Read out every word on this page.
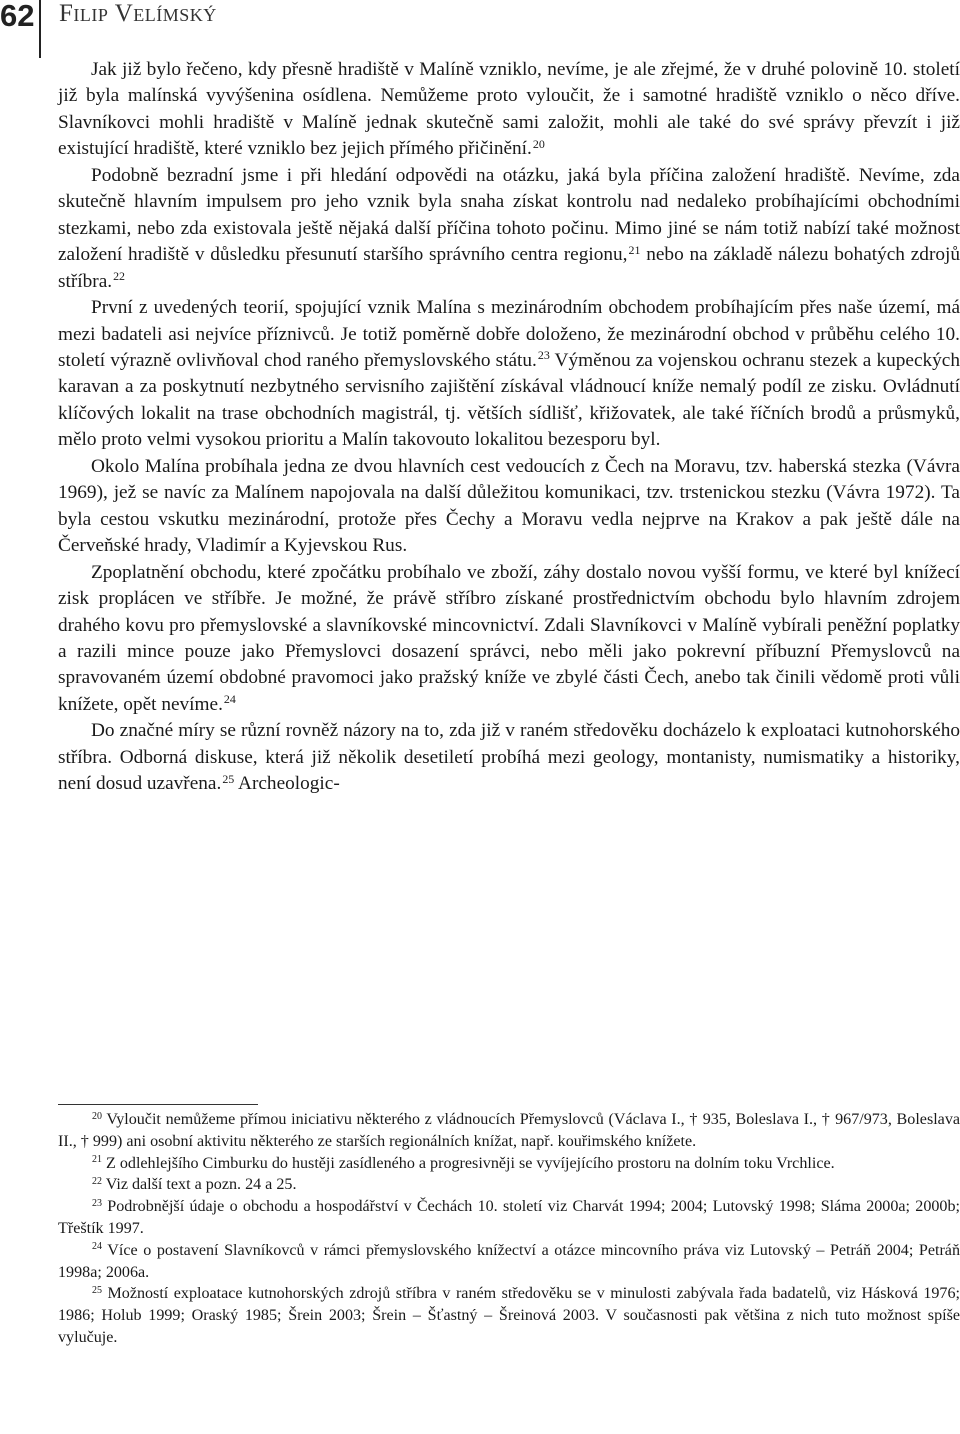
62 Filip Velímský

Jak již bylo řečeno, kdy přesně hradiště v Malíně vzniklo, nevíme, je ale zřejmé, že v druhé polovině 10. století již byla malínská vyvýšenina osídlena. Nemůžeme proto vyloučit, že i samotné hradiště vzniklo o něco dříve. Slavníkovci mohli hradiště v Malíně jednak skutečně sami založit, mohli ale také do své správy převzít i již existující hradiště, které vzniklo bez jejich přímého přičinění.$^{20}$

Podobně bezradní jsme i při hledání odpovědi na otázku, jaká byla příčina založení hradiště. Nevíme, zda skutečně hlavním impulsem pro jeho vznik byla snaha získat kontrolu nad nedaleko probíhajícími obchodními stezkami, nebo zda existovala ještě nějaká další příčina tohoto počinu. Mimo jiné se nám totiž nabízí také možnost založení hradiště v důsledku přesunutí staršího správního centra regionu,$^{21}$ nebo na základě nálezu bohatých zdrojů stříbra.$^{22}$

První z uvedených teorií, spojující vznik Malína s mezinárodním obchodem probíhajícím přes naše území, má mezi badateli asi nejvíce příznivců. Je totiž poměrně dobře doloženo, že mezinárodní obchod v průběhu celého 10. století výrazně ovlivňoval chod raného přemyslovského státu.$^{23}$ Výměnou za vojenskou ochranu stezek a kupeckých karavan a za poskytnutí nezbytného servisního zajištění získával vládnoucí kníže nemalý podíl ze zisku. Ovládnutí klíčových lokalit na trase obchodních magistrál, tj. větších sídlišť, křižovatek, ale také říčních brodů a průsmyků, mělo proto velmi vysokou prioritu a Malín takovouto lokalitou bezesporu byl.

Okolo Malína probíhala jedna ze dvou hlavních cest vedoucích z Čech na Moravu, tzv. haberská stezka (Vávra 1969), jež se navíc za Malínem napojovala na další důležitou komunikaci, tzv. trstenickou stezku (Vávra 1972). Ta byla cestou vskutku mezinárodní, protože přes Čechy a Moravu vedla nejprve na Krakov a pak ještě dále na Červeňské hrady, Vladimír a Kyjevskou Rus.

Zpoplatnění obchodu, které zpočátku probíhalo ve zboží, záhy dostalo novou vyšší formu, ve které byl knížecí zisk proplácen ve stříbře. Je možné, že právě stříbro získané prostřednictvím obchodu bylo hlavním zdrojem drahého kovu pro přemyslovské a slavníkovské mincovnictví. Zdali Slavníkovci v Malíně vybírali peněžní poplatky a razili mince pouze jako Přemyslovci dosazení správci, nebo měli jako pokrevní příbuzní Přemyslovců na spravovaném území obdobné pravomoci jako pražský kníže ve zbylé části Čech, anebo tak činili vědomě proti vůli knížete, opět nevíme.$^{24}$

Do značné míry se různí rovněž názory na to, zda již v raném středověku docházelo k exploataci kutnohorského stříbra. Odborná diskuse, která již několik desetiletí probíhá mezi geology, montanisty, numismatiky a historiky, není dosud uzavřena.$^{25}$ Archeologic-

$^{20}$ Vyloučit nemůžeme přímou iniciativu některého z vládnoucích Přemyslovců (Václava I., † 935, Boleslava I., † 967/973, Boleslava II., † 999) ani osobní aktivitu některého ze starších regionálních knížat, např. kouřimského knížete.

$^{21}$ Z odlehlejšího Cimburku do hustěji zasídleného a progresivněji se vyvíjejícího prostoru na dolním toku Vrchlice.

$^{22}$ Viz další text a pozn. 24 a 25.

$^{23}$ Podrobnější údaje o obchodu a hospodářství v Čechách 10. století viz Charvát 1994; 2004; Lutovský 1998; Sláma 2000a; 2000b; Třeštík 1997.

$^{24}$ Více o postavení Slavníkovců v rámci přemyslovského knížectví a otázce mincovního práva viz Lutovský – Petráň 2004; Petráň 1998a; 2006a.

$^{25}$ Možností exploatace kutnohorských zdrojů stříbra v raném středověku se v minulosti zabývala řada badatelů, viz Hásková 1976; 1986; Holub 1999; Oraský 1985; Šrein 2003; Šrein – Šťastný – Šreinová 2003. V současnosti pak většina z nich tuto možnost spíše vylučuje.
